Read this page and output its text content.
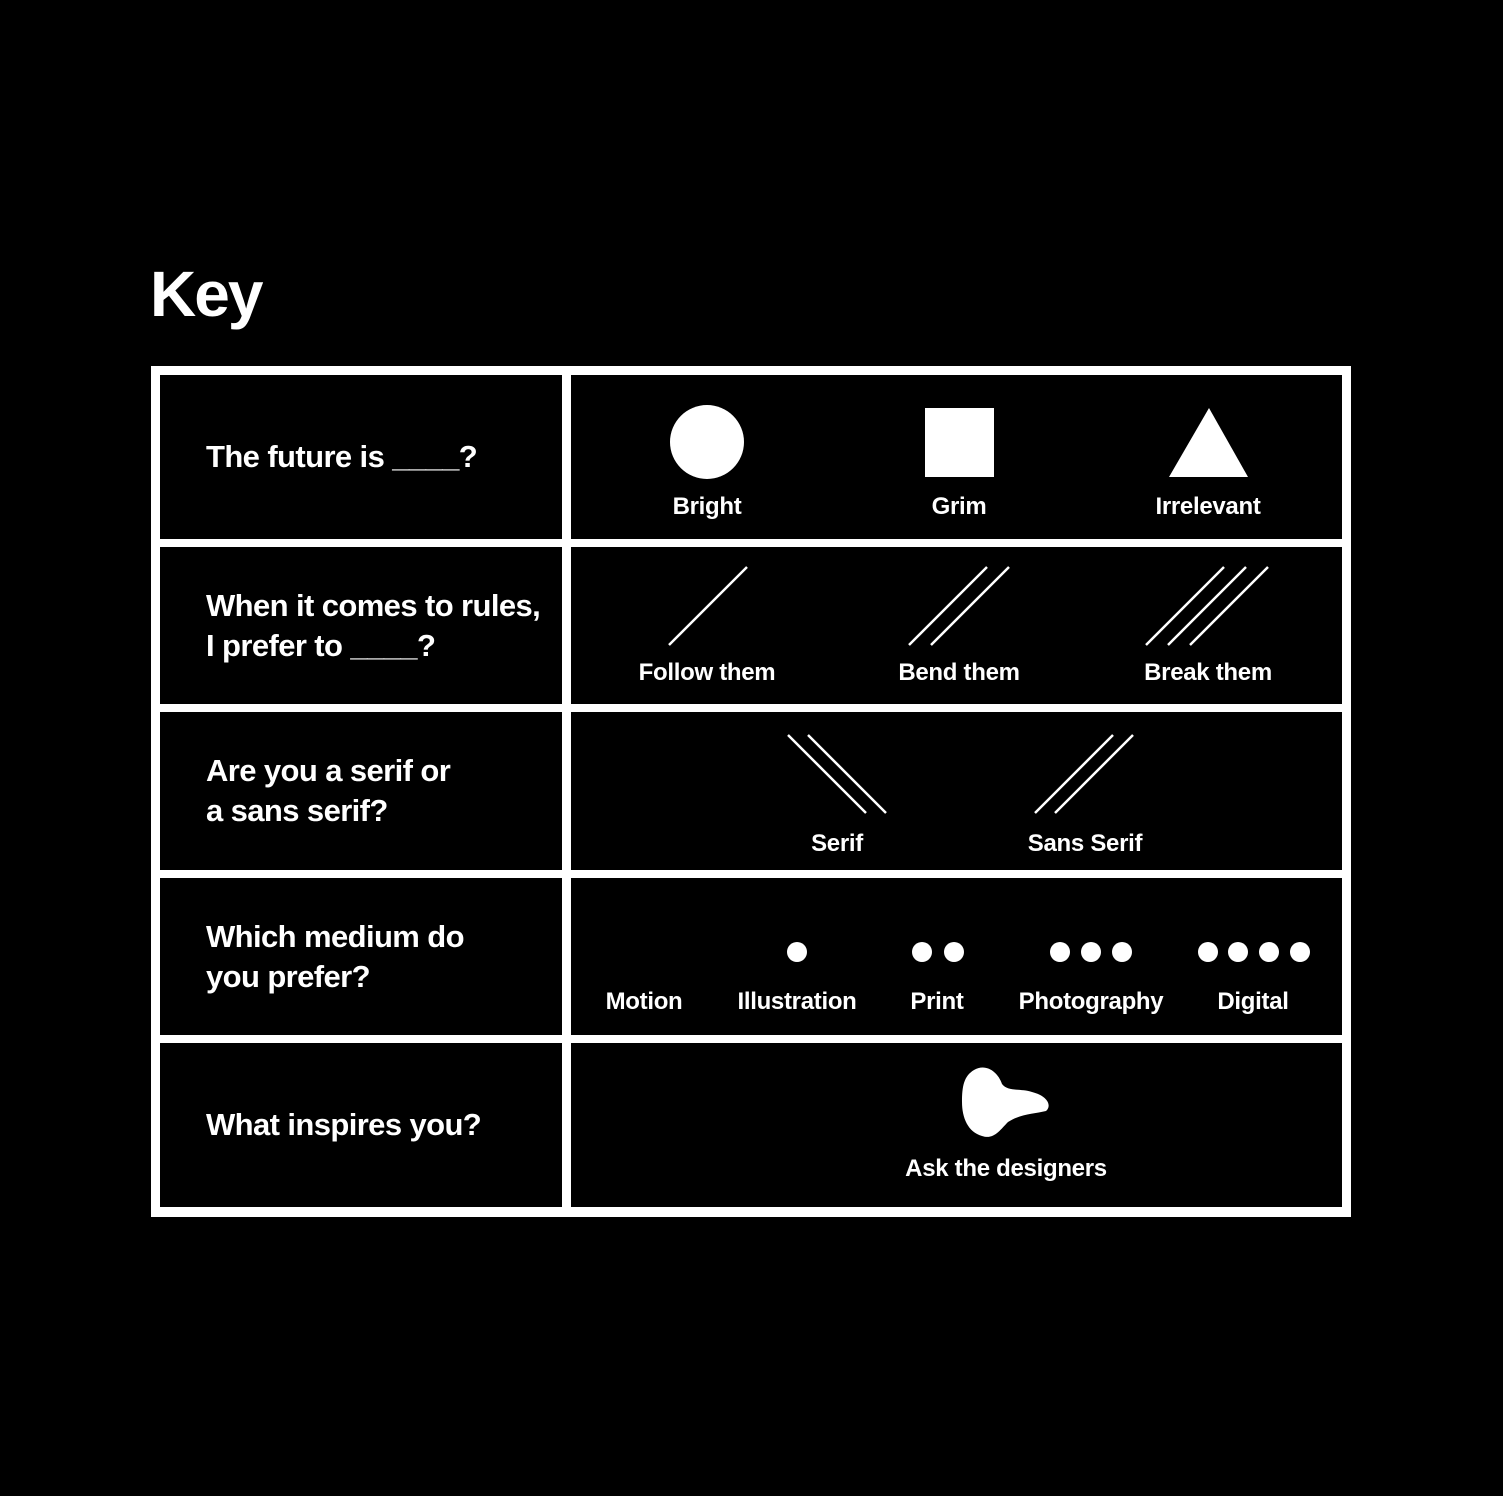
Key
The future is ____?
Bright	Grim	Irrelevant
When it comes to rules,
I prefer to ____?
Follow them	Bend them	Break them
Are you a serif or
a sans serif?
Serif	Sans Serif
Which medium do
you prefer?
Motion Illustration Print Photography Digital
What inspires you?
Ask the designers
